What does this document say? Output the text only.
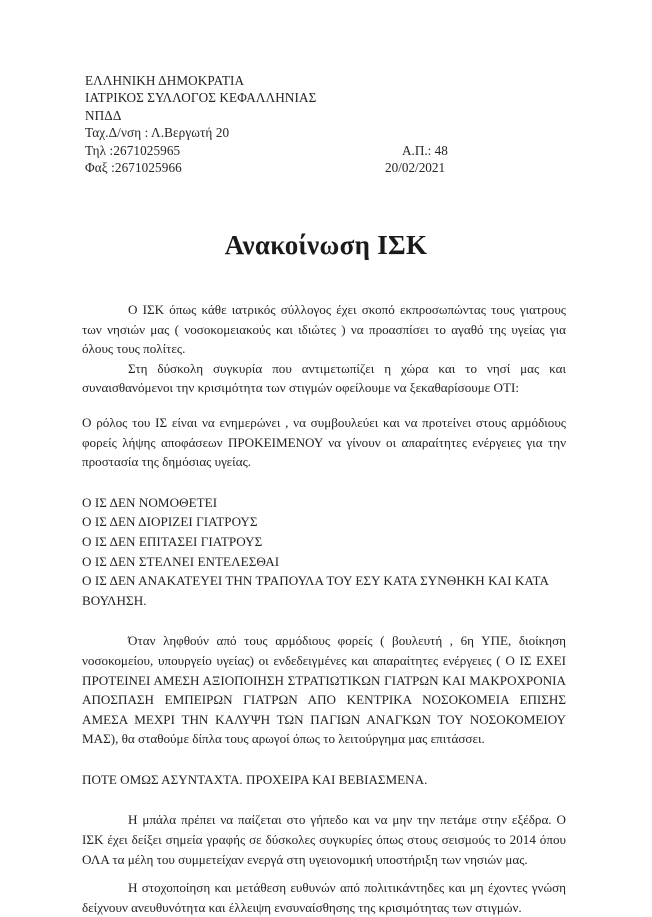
ΕΛΛΗΝΙΚΗ ΔΗΜΟΚΡΑΤΙΑ
ΙΑΤΡΙΚΟΣ ΣΥΛΛΟΓΟΣ ΚΕΦΑΛΛΗΝΙΑΣ
ΝΠΔΔ
Ταχ.Δ/νση : Λ.Βεργωτή 20
Τηλ :2671025965
Φαξ :2671025966
Α.Π.: 48
20/02/2021
Ανακοίνωση ΙΣΚ

Ο ΙΣΚ όπως κάθε ιατρικός σύλλογος έχει σκοπό εκπροσωπώντας τους γιατρους των νησιών μας ( νοσοκομειακούς και ιδιώτες ) να προασπίσει το αγαθό της υγείας για όλους τους πολίτες.

Στη δύσκολη συγκυρία που αντιμετωπίζει η χώρα και το νησί μας και συναισθανόμενοι την κρισιμότητα των στιγμών οφείλουμε να ξεκαθαρίσουμε ΟΤΙ:

Ο ρόλος του ΙΣ είναι να ενημερώνει , να συμβουλεύει και να προτείνει στους αρμόδιους φορείς λήψης αποφάσεων ΠΡΟΚΕΙΜΕΝΟΥ να γίνουν οι απαραίτητες ενέργειες για την προστασία της δημόσιας υγείας.

Ο ΙΣ ΔΕΝ ΝΟΜΟΘΕΤΕΙ
Ο ΙΣ ΔΕΝ ΔΙΟΡΙΖΕΙ ΓΙΑΤΡΟΥΣ
Ο ΙΣ ΔΕΝ ΕΠΙΤΑΣΕΙ ΓΙΑΤΡΟΥΣ
Ο ΙΣ ΔΕΝ ΣΤΕΛΝΕΙ ΕΝΤΕΛΕΣΘΑΙ
Ο ΙΣ ΔΕΝ ΑΝΑΚΑΤΕΥΕΙ ΤΗΝ ΤΡΑΠΟΥΛΑ ΤΟΥ ΕΣΥ ΚΑΤΑ ΣΥΝΘΗΚΗ ΚΑΙ ΚΑΤΑ ΒΟΥΛΗΣΗ.

Όταν ληφθούν από τους αρμόδιους φορείς ( βουλευτή , 6η ΥΠΕ, διοίκηση νοσοκομείου, υπουργείο υγείας) οι ενδεδειγμένες και απαραίτητες ενέργειες ( Ο ΙΣ ΕΧΕΙ ΠΡΟΤΕΙΝΕΙ ΑΜΕΣΗ ΑΞΙΟΠΟΙΗΣΗ ΣΤΡΑΤΙΩΤΙΚΩΝ ΓΙΑΤΡΩΝ ΚΑΙ ΜΑΚΡΟΧΡΟΝΙΑ ΑΠΟΣΠΑΣΗ ΕΜΠΕΙΡΩΝ ΓΙΑΤΡΩΝ ΑΠΟ ΚΕΝΤΡΙΚΑ ΝΟΣΟΚΟΜΕΙΑ ΕΠΙΣΗΣ ΑΜΕΣΑ ΜΕΧΡΙ ΤΗΝ ΚΑΛΥΨΗ ΤΩΝ ΠΑΓΙΩΝ ΑΝΑΓΚΩΝ ΤΟΥ ΝΟΣΟΚΟΜΕΙΟΥ ΜΑΣ), θα σταθούμε δίπλα τους αρωγοί όπως το λειτούργημα μας επιτάσσει.

ΠΟΤΕ ΟΜΩΣ ΑΣΥΝΤΑΧΤΑ. ΠΡΟΧΕΙΡΑ ΚΑΙ ΒΕΒΙΑΣΜΕΝΑ.

Η μπάλα πρέπει να παίζεται στο γήπεδο και να μην την πετάμε στην εξέδρα. Ο ΙΣΚ έχει δείξει σημεία γραφής σε δύσκολες συγκυρίες όπως στους σεισμούς το 2014 όπου ΟΛΑ τα μέλη του συμμετείχαν ενεργά στη υγειονομική υποστήριξη των νησιών μας.

Η στοχοποίηση και μετάθεση ευθυνών από πολιτικάντηδες και μη έχοντες γνώση δείχνουν ανευθυνότητα και έλλειψη ενσυναίσθησης της κρισιμότητας των στιγμών.
